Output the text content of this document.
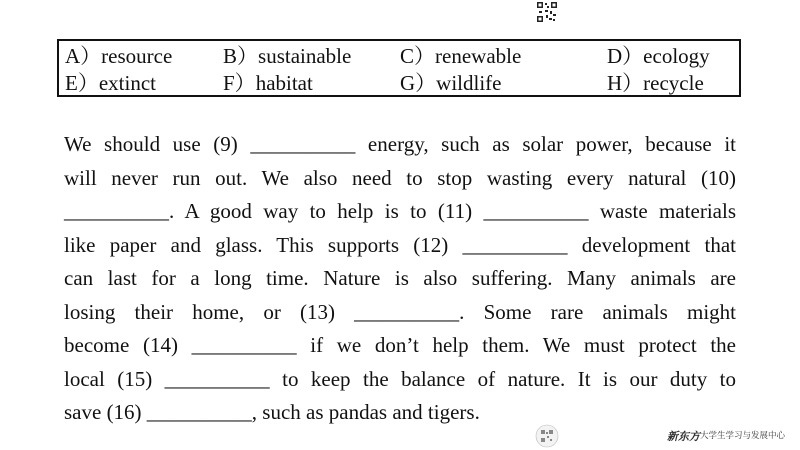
A）resource B）sustainable C）renewable	D）ecology
E）extinct	F）habitat	G）wildlife	H）recycle
We should use (9) __________ energy, such as solar power, because it
will never run out. We also need to stop wasting every natural (10)
__________. A good way to help is to (11) __________ waste materials
like paper and glass. This supports (12) __________ development that
can last for a long time. Nature is also suffering. Many animals are
losing their home, or (13) __________. Some rare animals might
become (14) __________ if we don’t help them. We must protect the
local (15) __________ to keep the balance of nature. It is our duty to
save (16) __________, such as pandas and tigers.
新东方 大学生学习与发展中心
